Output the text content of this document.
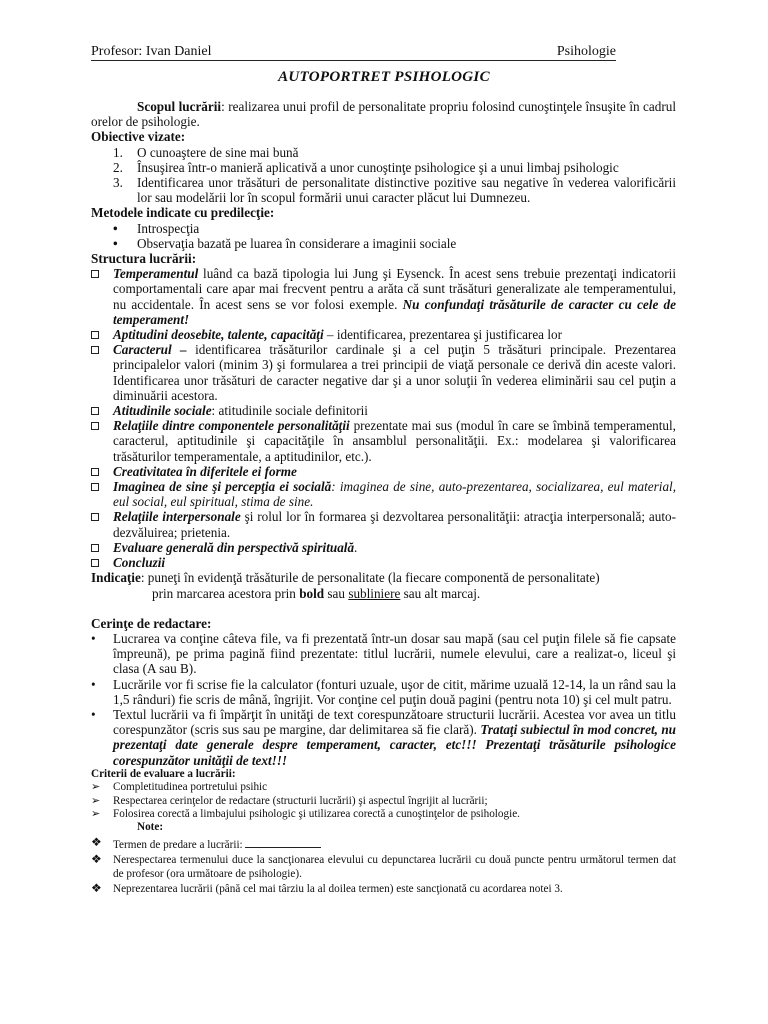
Profesor: Ivan Daniel	Psihologie
AUTOPORTRET PSIHOLOGIC

Scopul lucrării: realizarea unui profil de personalitate propriu folosind cunoştinţele însuşite în cadrul orelor de psihologie.

Obiective vizate:

1. O cunoaştere de sine mai bună
2. Însuşirea într-o manieră aplicativă a unor cunoştinţe psihologice şi a unui limbaj psihologic
3. Identificarea unor trăsături de personalitate distinctive pozitive sau negative în vederea valorificării lor sau modelării lor în scopul formării unui caracter plăcut lui Dumnezeu.

Metodele indicate cu predilecţie:

• Introspecţia
• Observaţia bazată pe luarea în considerare a imaginii sociale

Structura lucrării:

Temperamentul luând ca bază tipologia lui Jung şi Eysenck. În acest sens trebuie prezentaţi indicatorii comportamentali care apar mai frecvent pentru a arăta că sunt trăsături generalizate ale temperamentului, nu accidentale. În acest sens se vor folosi exemple. Nu confundaţi trăsăturile de caracter cu cele de temperament!
Aptitudini deosebite, talente, capacităţi – identificarea, prezentarea şi justificarea lor
Caracterul – identificarea trăsăturilor cardinale şi a cel puţin 5 trăsături principale. Prezentarea principalelor valori (minim 3) şi formularea a trei principii de viaţă personale ce derivă din aceste valori. Identificarea unor trăsături de caracter negative dar şi a unor soluţii în vederea eliminării sau cel puţin a diminuării acestora.
Atitudinile sociale: atitudinile sociale definitorii
Relaţiile dintre componentele personalităţii prezentate mai sus (modul în care se îmbină temperamentul, caracterul, aptitudinile şi capacităţile în ansamblul personalităţii. Ex.: modelarea şi valorificarea trăsăturilor temperamentale, a aptitudinilor, etc.).
Creativitatea în diferitele ei forme
Imaginea de sine şi percepţia ei socială: imaginea de sine, auto-prezentarea, socializarea, eul material, eul social, eul spiritual, stima de sine.
Relaţiile interpersonale şi rolul lor în formarea şi dezvoltarea personalităţii: atracţia interpersonală; auto-dezvăluirea; prietenia.
Evaluare generală din perspectivă spirituală.
Concluzii
Indicaţie: puneţi în evidenţă trăsăturile de personalitate (la fiecare componentă de personalitate)
prin marcarea acestora prin bold sau subliniere sau alt marcaj.

Cerinţe de redactare:

• Lucrarea va conţine câteva file, va fi prezentată într-un dosar sau mapă (sau cel puţin filele să fie capsate împreună), pe prima pagină fiind prezentate: titlul lucrării, numele elevului, care a realizat-o, liceul şi clasa (A sau B).
• Lucrările vor fi scrise fie la calculator (fonturi uzuale, uşor de citit, mărime uzuală 12-14, la un rând sau la 1,5 rânduri) fie scris de mână, îngrijit. Vor conţine cel puţin două pagini (pentru nota 10) şi cel mult patru.
• Textul lucrării va fi împărţit în unităţi de text corespunzătoare structurii lucrării. Acestea vor avea un titlu corespunzător (scris sus sau pe margine, dar delimitarea să fie clară). Trataţi subiectul în mod concret, nu prezentaţi date generale despre temperament, caracter, etc!!! Prezentaţi trăsăturile psihologice corespunzător unităţii de text!!!

Criterii de evaluare a lucrării:

➢ Completitudinea portretului psihic
➢ Respectarea cerinţelor de redactare (structurii lucrării) şi aspectul îngrijit al lucrării;
➢ Folosirea corectă a limbajului psihologic şi utilizarea corectă a cunoştinţelor de psihologie.

Note:

❖ Termen de predare a lucrării:
❖ Nerespectarea termenului duce la sancţionarea elevului cu depunctarea lucrării cu două puncte pentru următorul termen dat de profesor (ora următoare de psihologie).
❖ Neprezentarea lucrării (până cel mai târziu la al doilea termen) este sancţionată cu acordarea notei 3.
